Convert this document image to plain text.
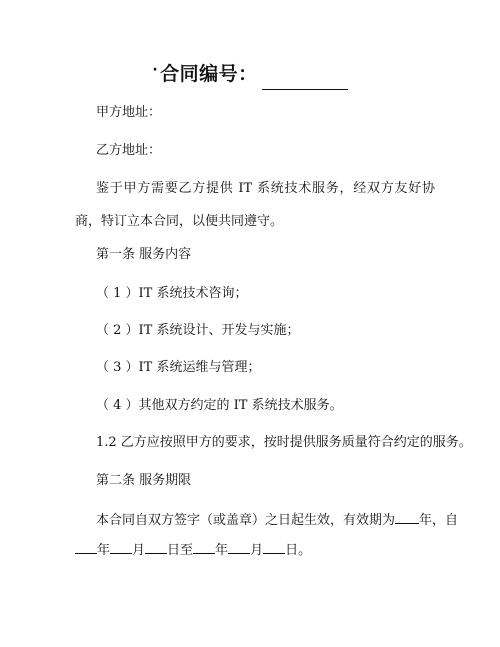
· 合同编号：
甲方地址：
乙方地址：
鉴于甲方需要乙方提供 IT 系统技术服务，经双方友好协商，特订立本合同，以便共同遵守。
第一条 服务内容
（ 1 ）IT 系统技术咨询；
（ 2 ）IT 系统设计、开发与实施；
（ 3 ）IT 系统运维与管理；
（ 4 ）其他双方约定的 IT 系统技术服务。
1.2 乙方应按照甲方的要求，按时提供服务质量符合约定的服务。
第二条 服务期限
本合同自双方签字（或盖章）之日起生效，有效期为 年，自
年 月 日至 年 月 日。
